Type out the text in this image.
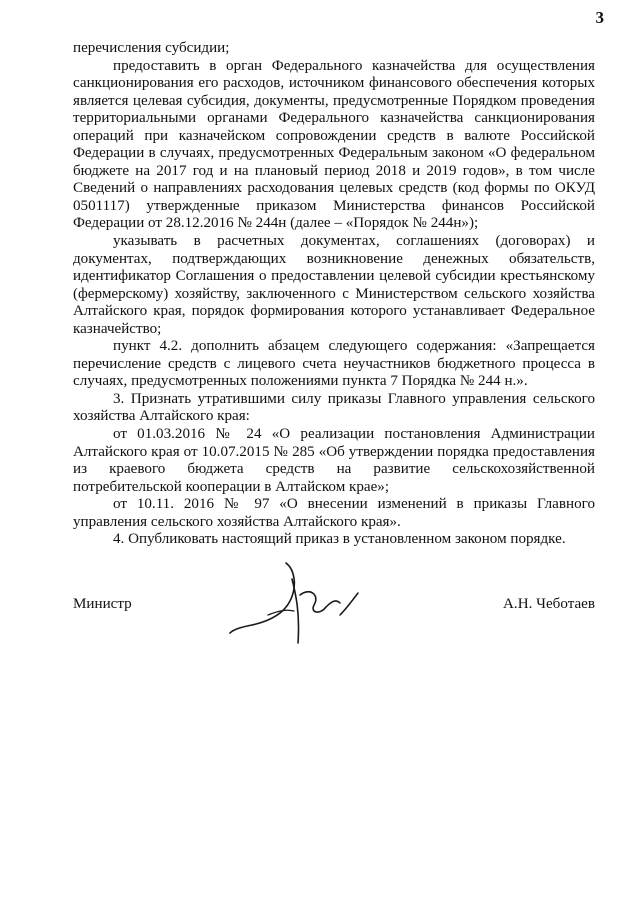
3

перечисления субсидии;

предоставить в орган Федерального казначейства для осуществления санкционирования его расходов, источником финансового обеспечения которых является целевая субсидия, документы, предусмотренные Порядком проведения территориальными органами Федерального казначейства санкционирования операций при казначейском сопровождении средств в валюте Российской Федерации в случаях, предусмотренных Федеральным законом «О федеральном бюджете на 2017 год и на плановый период 2018 и 2019 годов», в том числе Сведений о направлениях расходования целевых средств (код формы по ОКУД 0501117) утвержденные приказом Министерства финансов Российской Федерации от 28.12.2016 № 244н (далее – «Порядок № 244н»);

указывать в расчетных документах, соглашениях (договорах) и документах, подтверждающих возникновение денежных обязательств, идентификатор Соглашения о предоставлении целевой субсидии крестьянскому (фермерскому) хозяйству, заключенного с Министерством сельского хозяйства Алтайского края, порядок формирования которого устанавливает Федеральное казначейство;

пункт 4.2. дополнить абзацем следующего содержания: «Запрещается перечисление средств с лицевого счета неучастников бюджетного процесса в случаях, предусмотренных положениями пункта 7 Порядка № 244 н.».

3. Признать утратившими силу приказы Главного управления сельского хозяйства Алтайского края:

от 01.03.2016 № 24 «О реализации постановления Администрации Алтайского края от 10.07.2015 № 285 «Об утверждении порядка предоставления из краевого бюджета средств на развитие сельскохозяйственной потребительской кооперации в Алтайском крае»;

от 10.11. 2016 № 97 «О внесении изменений в приказы Главного управления сельского хозяйства Алтайского края».

4. Опубликовать настоящий приказ в установленном законом порядке.

Министр	А.Н. Чеботаев
